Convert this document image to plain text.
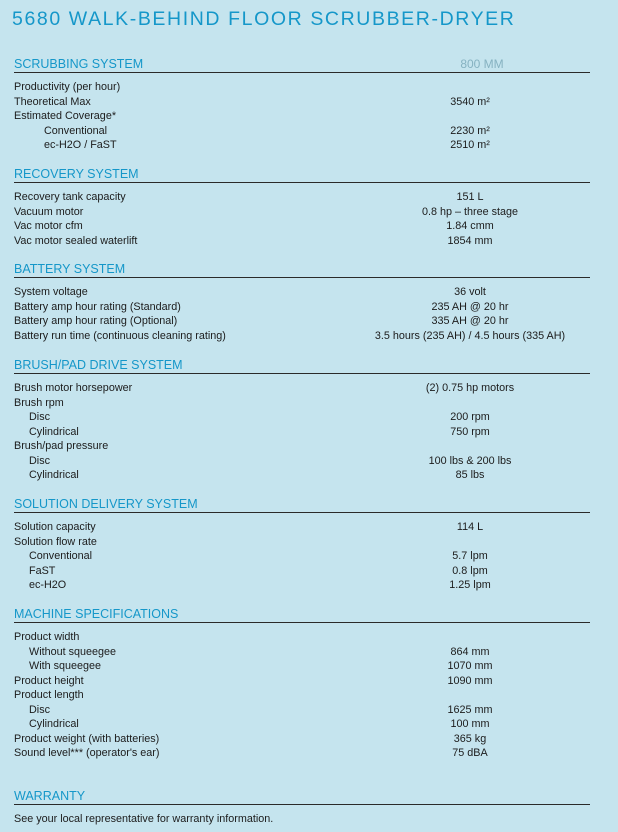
5680 WALK-BEHIND FLOOR SCRUBBER-DRYER
SCRUBBING SYSTEM	800 MM
Productivity (per hour)
Theoretical Max	3540 m²
Estimated Coverage*
Conventional	2230 m²
ec-H2O / FaST	2510 m²
RECOVERY SYSTEM
Recovery tank capacity	151 L
Vacuum motor	0.8 hp – three stage
Vac motor cfm	1.84 cmm
Vac motor sealed waterlift	1854 mm
BATTERY SYSTEM
System voltage	36 volt
Battery amp hour rating (Standard)	235 AH @ 20 hr
Battery amp hour rating (Optional)	335 AH @ 20 hr
Battery run time (continuous cleaning rating)	3.5 hours (235 AH) / 4.5 hours (335 AH)
BRUSH/PAD DRIVE SYSTEM
Brush motor horsepower	(2) 0.75 hp motors
Brush rpm
Disc	200 rpm
Cylindrical	750 rpm
Brush/pad pressure
Disc	100 lbs & 200 lbs
Cylindrical	85 lbs
SOLUTION DELIVERY SYSTEM
Solution capacity	114 L
Solution flow rate
Conventional	5.7 lpm
FaST	0.8 lpm
ec-H2O	1.25 lpm
MACHINE SPECIFICATIONS
Product width
Without squeegee	864 mm
With squeegee	1070 mm
Product height	1090 mm
Product length
Disc	1625 mm
Cylindrical	100 mm
Product weight (with batteries)	365 kg
Sound level*** (operator's ear)	75 dBA
WARRANTY
See your local representative for warranty information.
